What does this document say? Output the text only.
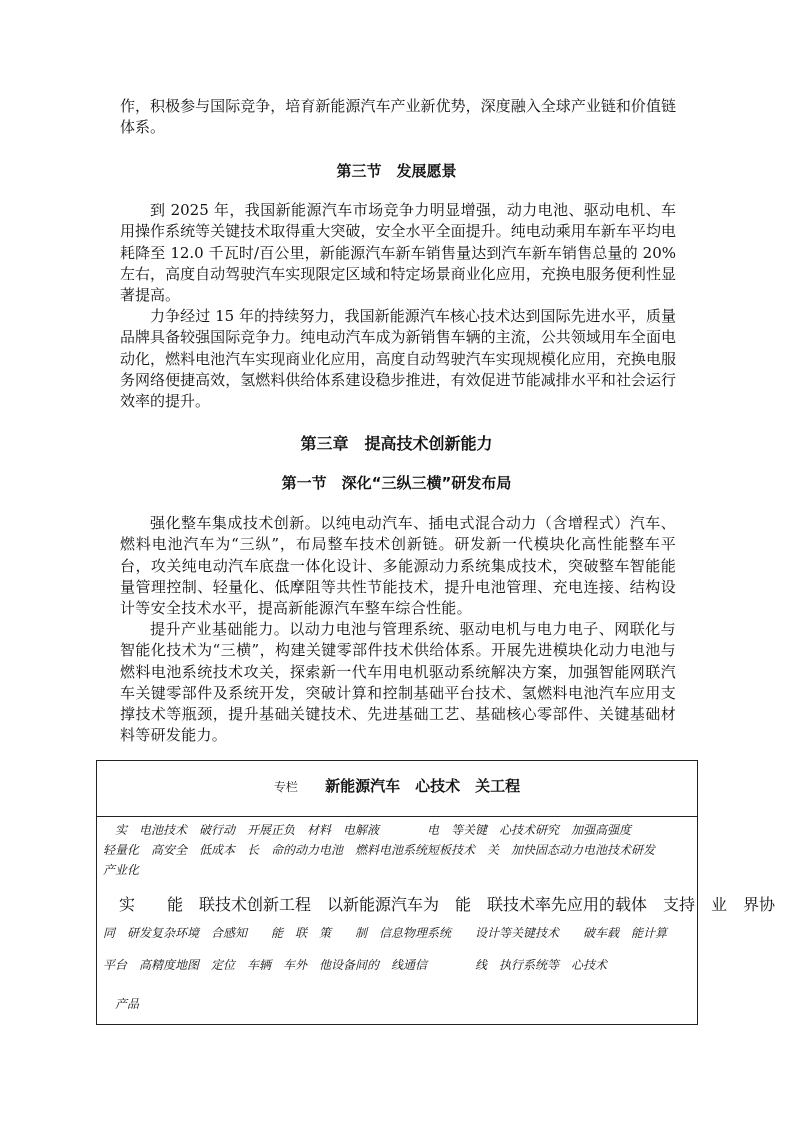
作，积极参与国际竞争，培育新能源汽车产业新优势，深度融入全球产业链和价值链体系。

第三节　发展愿景

到 2025 年，我国新能源汽车市场竞争力明显增强，动力电池、驱动电机、车用操作系统等关键技术取得重大突破，安全水平全面提升。纯电动乘用车新车平均电耗降至 12.0 千瓦时/百公里，新能源汽车新车销售量达到汽车新车销售总量的 20%左右，高度自动驾驶汽车实现限定区域和特定场景商业化应用，充换电服务便利性显著提高。

力争经过 15 年的持续努力，我国新能源汽车核心技术达到国际先进水平，质量品牌具备较强国际竞争力。纯电动汽车成为新销售车辆的主流，公共领域用车全面电动化，燃料电池汽车实现商业化应用，高度自动驾驶汽车实现规模化应用，充换电服务网络便捷高效，氢燃料供给体系建设稳步推进，有效促进节能减排水平和社会运行效率的提升。

第三章　提高技术创新能力
第一节　深化“三纵三横”研发布局

强化整车集成技术创新。以纯电动汽车、插电式混合动力（含增程式）汽车、燃料电池汽车为“三纵”，布局整车技术创新链。研发新一代模块化高性能整车平台，攻关纯电动汽车底盘一体化设计、多能源动力系统集成技术，突破整车智能能量管理控制、轻量化、低摩阻等共性节能技术，提升电池管理、充电连接、结构设计等安全技术水平，提高新能源汽车整车综合性能。

提升产业基础能力。以动力电池与管理系统、驱动电机与电力电子、网联化与智能化技术为“三横”，构建关键零部件技术供给体系。开展先进模块化动力电池与燃料电池系统技术攻关，探索新一代车用电机驱动系统解决方案，加强智能网联汽车关键零部件及系统开发，突破计算和控制基础平台技术、氢燃料电池汽车应用支撑技术等瓶颈，提升基础关键技术、先进基础工艺、基础核心零部件、关键基础材料等研发能力。

专栏 新能源汽车　心技术　关工程
　实　电池技术　破行动　开展正负　材料　电解液　　　　电　等关键　心技术研究　加强高强度
轻量化　高安全　低成本　长　命的动力电池　燃料电池系统短板技术　关　加快固态动力电池技术研发
产业化
　实　　能　联技术创新工程　以新能源汽车为　能　联技术率先应用的载体　支持　业　界协
同　研发复杂环境　合感知　　能　联　策　　制　信息物理系统　　设计等关键技术　　破车载　能计算
平台　高精度地图　定位　车辆　车外　他设备间的　线通信　　　　线　执行系统等　心技术
　产品
